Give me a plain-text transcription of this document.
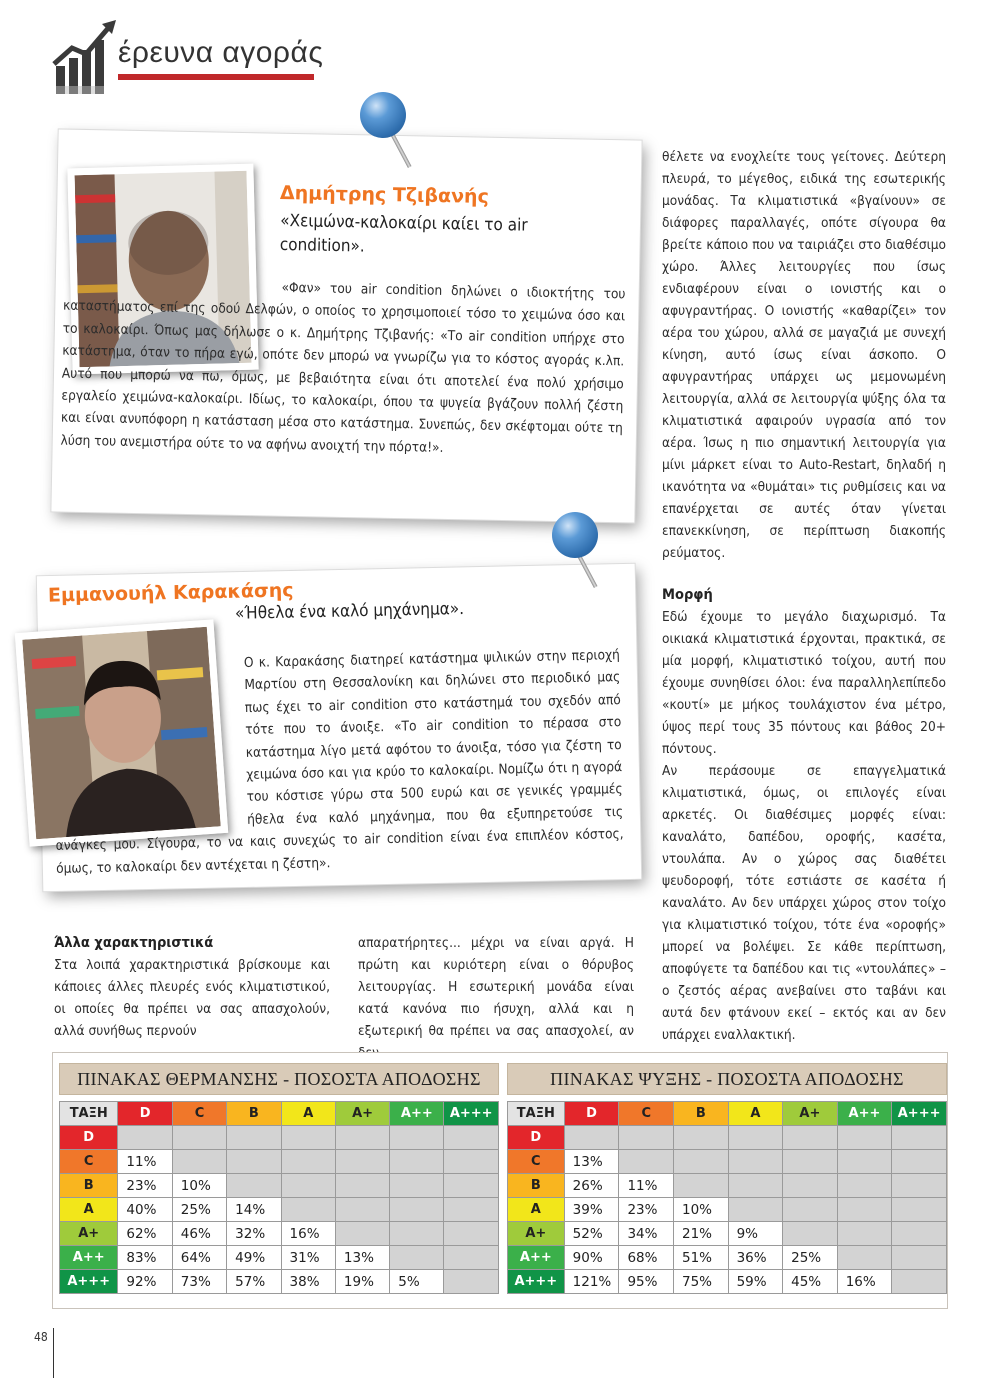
έρευνα αγοράς
Δημήτρης Τζιβανής
«Χειμώνα-καλοκαίρι καίει το air condition».
«Φαν» του air condition δηλώνει ο ιδιοκτήτης του καταστήματος επί της οδού Δελφών, ο οποίος το χρησιμοποιεί τόσο το χειμώνα όσο και το καλοκαίρι. Όπως μας δήλωσε ο κ. Δημήτρης Τζιβανής: «Το air condition υπήρχε στο κατάστημα, όταν το πήρα εγώ, οπότε δεν μπορώ να γνωρίζω για το κόστος αγοράς κ.λπ. Αυτό που μπορώ να πω, όμως, με βεβαιότητα είναι ότι αποτελεί ένα πολύ χρήσιμο εργαλείο χειμώνα-καλοκαίρι. Ιδίως, το καλοκαίρι, όπου τα ψυγεία βγάζουν πολλή ζέστη και είναι ανυπόφορη η κατάσταση μέσα στο κατάστημα. Συνεπώς, δεν σκέφτομαι ούτε τη λύση του ανεμιστήρα ούτε το να αφήνω ανοιχτή την πόρτα!».
Εμμανουήλ Καρακάσης
«Ήθελα ένα καλό μηχάνημα».
Ο κ. Καρακάσης διατηρεί κατάστημα ψιλικών στην περιοχή Μαρτίου στη Θεσσαλονίκη και δηλώνει στο περιοδικό μας πως έχει το air condition στο κατάστημά του σχεδόν από τότε που το άνοιξε. «Το air condition το πέρασα στο κατάστημα λίγο μετά αφότου το άνοιξα, τόσο για ζέστη το χειμώνα όσο και για κρύο το καλοκαίρι. Νομίζω ότι η αγορά του κόστισε γύρω στα 500 ευρώ και σε γενικές γραμμές ήθελα ένα καλό μηχάνημα, που θα εξυπηρετούσε τις ανάγκες μου. Σίγουρα, το να καις συνεχώς το air condition είναι ένα επιπλέον κόστος, όμως, το καλοκαίρι δεν αντέχεται η ζέστη».
θέλετε να ενοχλείτε τους γείτονες. Δεύτερη πλευρά, το μέγεθος, ειδικά της εσωτερικής μονάδας. Τα κλιματιστικά «βγαίνουν» σε διάφορες παραλλαγές, οπότε σίγουρα θα βρείτε κάποιο που να ταιριάζει στο διαθέσιμο χώρο. Άλλες λειτουργίες που ίσως ενδιαφέρουν είναι ο ιονιστής και ο αφυγραντήρας. Ο ιονιστής «καθαρίζει» τον αέρα του χώρου, αλλά σε μαγαζιά με συνεχή κίνηση, αυτό ίσως είναι άσκοπο. Ο αφυγραντήρας υπάρχει ως μεμονωμένη λειτουργία, αλλά σε λειτουργία ψύξης όλα τα κλιματιστικά αφαιρούν υγρασία από τον αέρα. Ίσως η πιο σημαντική λειτουργία για μίνι μάρκετ είναι το Auto-Restart, δηλαδή η ικανότητα να «θυμάται» τις ρυθμίσεις και να επανέρχεται σε αυτές όταν γίνεται επανεκκίνηση, σε περίπτωση διακοπής ρεύματος.
Μορφή
Εδώ έχουμε το μεγάλο διαχωρισμό. Τα οικιακά κλιματιστικά έρχονται, πρακτικά, σε μία μορφή, κλιματιστικό τοίχου, αυτή που έχουμε συνηθίσει όλοι: ένα παραλληλεπίπεδο «κουτί» με μήκος τουλάχιστον ένα μέτρο, ύψος περί τους 35 πόντους και βάθος 20+ πόντους.
Αν περάσουμε σε επαγγελματικά κλιματιστικά, όμως, οι επιλογές είναι αρκετές. Οι διαθέσιμες μορφές είναι: καναλάτο, δαπέδου, οροφής, κασέτα, ντουλάπα. Αν ο χώρος σας διαθέτει ψευδοροφή, τότε εστιάστε σε κασέτα ή καναλάτο. Αν δεν υπάρχει χώρος στον τοίχο για κλιματιστικό τοίχου, τότε ένα «οροφής» μπορεί να βολέψει. Σε κάθε περίπτωση, αποφύγετε τα δαπέδου και τις «ντουλάπες» – ο ζεστός αέρας ανεβαίνει στο ταβάνι και αυτά δεν φτάνουν εκεί – εκτός και αν δεν υπάρχει εναλλακτική.
Άλλα χαρακτηριστικά
Στα λοιπά χαρακτηριστικά βρίσκουμε και κάποιες άλλες πλευρές ενός κλιματιστικού, οι οποίες θα πρέπει να σας απασχολούν, αλλά συνήθως περνούν
απαρατήρητες... μέχρι να είναι αργά. Η πρώτη και κυριότερη είναι ο θόρυβος λειτουργίας. Η εσωτερική μονάδα είναι κατά κανόνα πιο ήσυχη, αλλά και η εξωτερική θα πρέπει να σας απασχολεί, αν
ΠΙΝΑΚΑΣ ΘΕΡΜΑΝΣΗΣ - ΠΟΣΟΣΤΑ ΑΠΟΔΟΣΗΣ
ΤΑΞΗ	D	C	B	A	A+	A++	A+++
D							
C	11%						
B	23%	10%					
A	40%	25%	14%				
A+	62%	46%	32%	16%			
A++	83%	64%	49%	31%	13%		
A+++	92%	73%	57%	38%	19%	5%	
ΠΙΝΑΚΑΣ ΨΥΞΗΣ - ΠΟΣΟΣΤΑ ΑΠΟΔΟΣΗΣ
ΤΑΞΗ	D	C	B	A	A+	A++	A+++
D							
C	13%						
B	26%	11%					
A	39%	23%	10%				
A+	52%	34%	21%	9%			
A++	90%	68%	51%	36%	25%		
A+++	121%	95%	75%	59%	45%	16%	
48
